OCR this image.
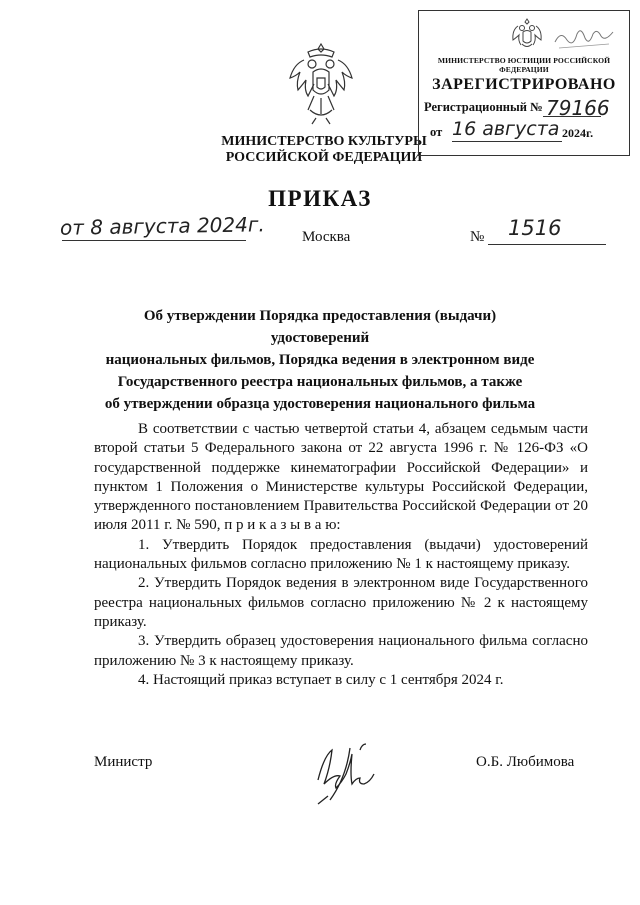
МИНИСТЕРСТВО КУЛЬТУРЫ
РОССИЙСКОЙ ФЕДЕРАЦИИ
МИНИСТЕРСТВО ЮСТИЦИИ РОССИЙСКОЙ ФЕДЕРАЦИИ
ЗАРЕГИСТРИРОВАНО
Регистрационный № 79166
от 16 августа 2024г.
ПРИКАЗ
от 8 августа 2024г. Москва	№ 1516
Об утверждении Порядка предоставления (выдачи) удостоверений
национальных фильмов, Порядка ведения в электронном виде
Государственного реестра национальных фильмов, а также
об утверждении образца удостоверения национального фильма

В соответствии с частью четвертой статьи 4, абзацем седьмым части второй статьи 5 Федерального закона от 22 августа 1996 г. № 126-ФЗ «О государственной поддержке кинематографии Российской Федерации» и пунктом 1 Положения о Министерстве культуры Российской Федерации, утвержденного постановлением Правительства Российской Федерации от 20 июля 2011 г. № 590, п р и к а з ы в а ю:

1. Утвердить Порядок предоставления (выдачи) удостоверений национальных фильмов согласно приложению № 1 к настоящему приказу.

2. Утвердить Порядок ведения в электронном виде Государственного реестра национальных фильмов согласно приложению № 2 к настоящему приказу.

3. Утвердить образец удостоверения национального фильма согласно приложению № 3 к настоящему приказу.

4. Настоящий приказ вступает в силу с 1 сентября 2024 г.

Министр	О.Б. Любимова
